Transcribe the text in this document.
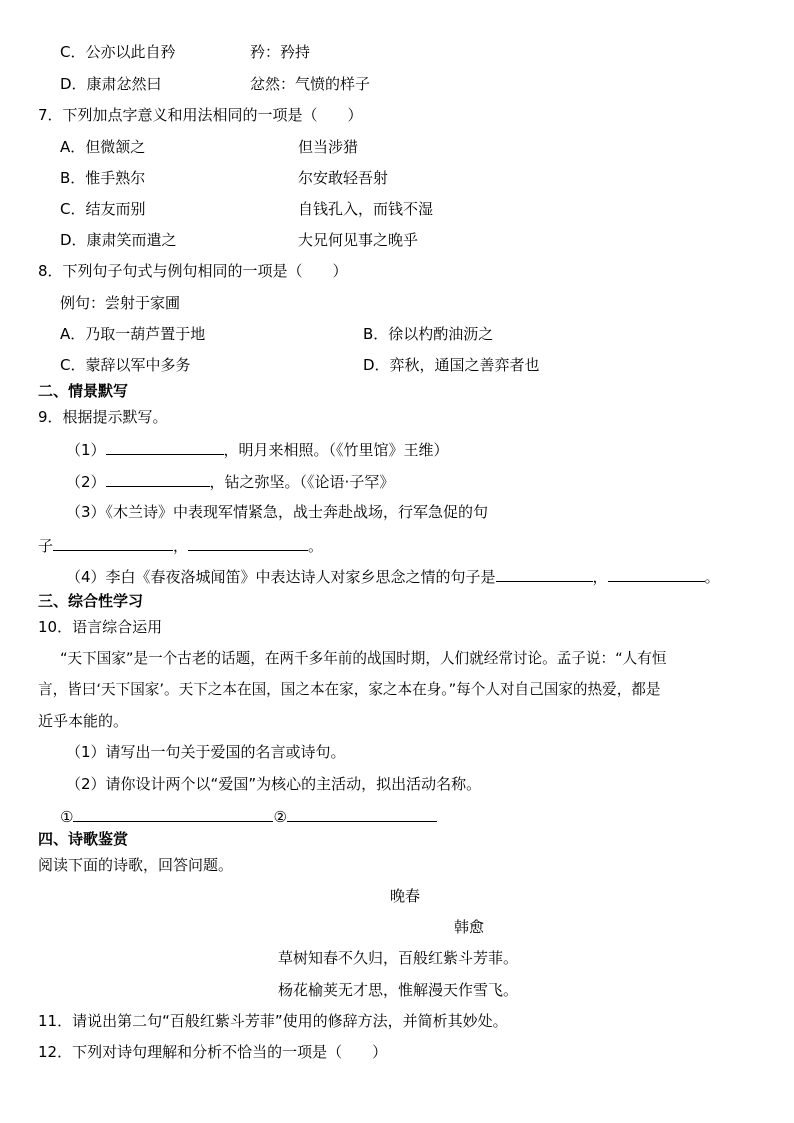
C．公亦以此自矜	矜：矜持
D．康肃忿然曰	忿然：气愤的样子
7．下列加点字意义和用法相同的一项是（　　）
A．但微颔之	但当涉猎
B．惟手熟尔	尔安敢轻吾射
C．结友而别	自钱孔入，而钱不湿
D．康肃笑而遣之	大兄何见事之晚乎
8．下列句子句式与例句相同的一项是（　　）
例句：尝射于家圃
A．乃取一葫芦置于地	B．徐以杓酌油沥之
C．蒙辞以军中多务	D．弈秋，通国之善弈者也
二、情景默写
9．根据提示默写。
（1）	，明月来相照。（《竹里馆》王维）
（2）	，钻之弥坚。（《论语·子罕》
（3）《木兰诗》中表现军情紧急，战士奔赴战场，行军急促的句
子	，	。
（4）李白《春夜洛城闻笛》中表达诗人对家乡思念之情的句子是	，	。
三、综合性学习
10．语言综合运用
“天下国家”是一个古老的话题，在两千多年前的战国时期，人们就经常讨论。孟子说：“人有恒
言，皆曰‘天下国家’。天下之本在国，国之本在家，家之本在身。”每个人对自己国家的热爱，都是
近乎本能的。
（1）请写出一句关于爱国的名言或诗句。
（2）请你设计两个以“爱国”为核心的主活动，拟出活动名称。
①	②
四、诗歌鉴赏
阅读下面的诗歌，回答问题。
晚春
韩愈
草树知春不久归，百般红紫斗芳菲。
杨花榆荚无才思，惟解漫天作雪飞。
11．请说出第二句“百般红紫斗芳菲”使用的修辞方法，并简析其妙处。
12．下列对诗句理解和分析不恰当的一项是（　　）
